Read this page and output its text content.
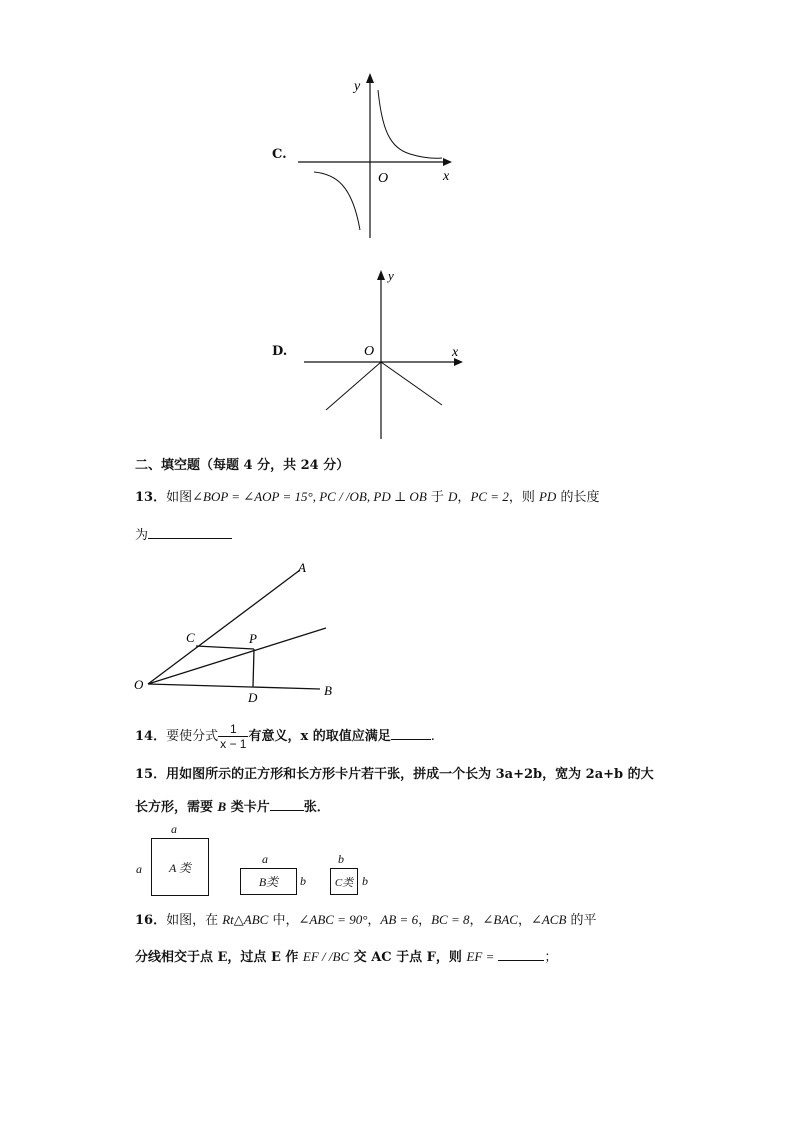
C.
y
x
O
D.
y
x
O
二、填空题（每题 4 分，共 24 分）
13．如图∠BOP = ∠AOP = 15°, PC / /OB, PD ⊥ OB 于 D，PC = 2，则 PD 的长度
为
A
B
C
D
O
P
14．要使分式 $\frac{1}{x - 1}$ 有意义，x 的取值应满足	.
15．用如图所示的正方形和长方形卡片若干张，拼成一个长为 3a+2b，宽为 2a+b 的大
长方形，需要 B 类卡片	张．
a
a A 类
a
b
B类
b
b
C类
16．如图，在 Rt△ABC 中，∠ABC = 90°，AB = 6，BC = 8，∠BAC，∠ACB 的平
分线相交于点 E，过点 E 作 EF / /BC 交 AC 于点 F，则 EF =	；
